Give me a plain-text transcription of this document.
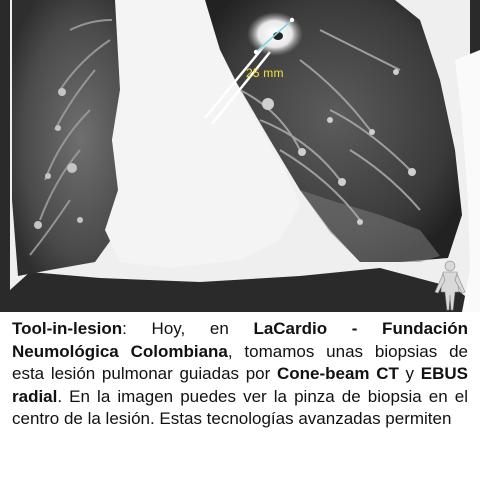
25 mm

Tool-in-lesion: Hoy, en LaCardio - Fundación Neumológica Colombiana, tomamos unas biopsias de esta lesión pulmonar guiadas por Cone-beam CT y EBUS radial. En la imagen puedes ver la pinza de biopsia en el centro de la lesión. Estas tecnologías avanzadas permiten
